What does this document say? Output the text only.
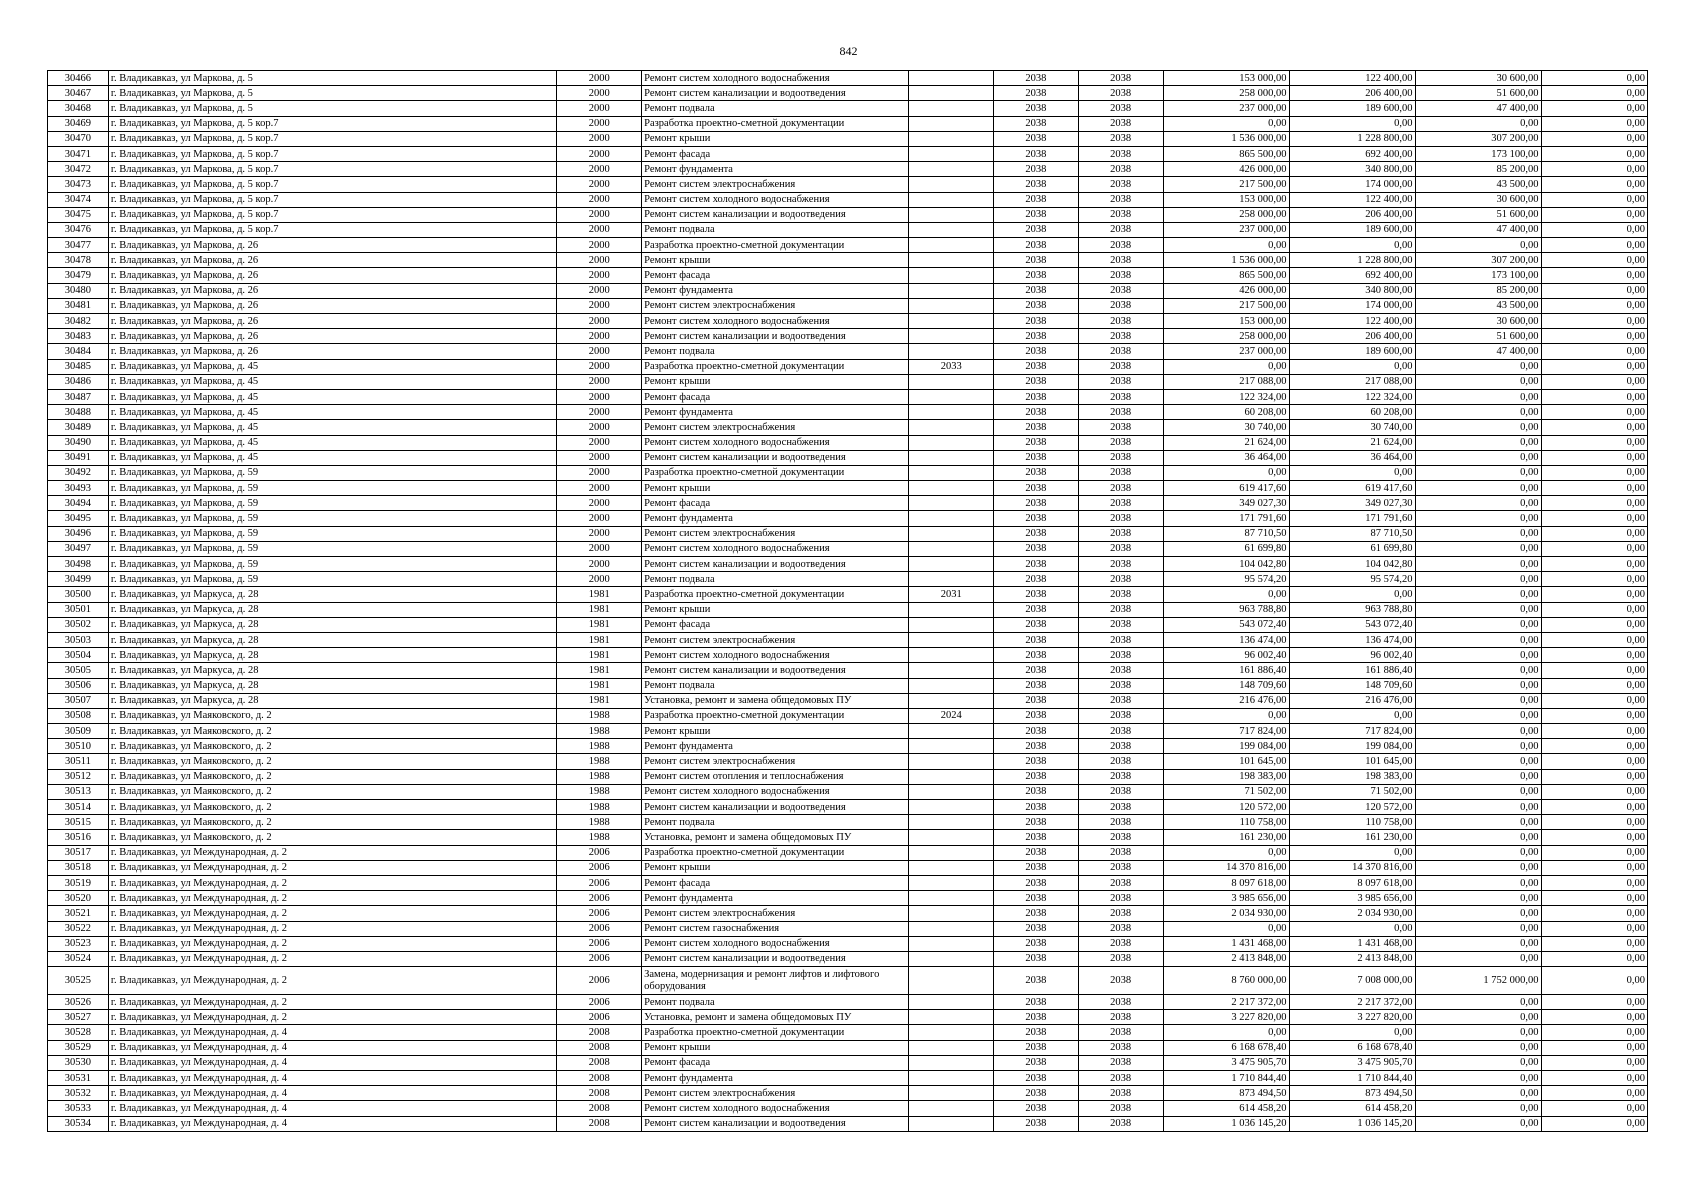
842
30466	г. Владикавказ, ул Маркова, д. 5	2000	Ремонт систем холодного водоснабжения		2038	2038	153 000,00	122 400,00	30 600,00	0,00
30467	г. Владикавказ, ул Маркова, д. 5	2000	Ремонт систем канализации и водоотведения		2038	2038	258 000,00	206 400,00	51 600,00	0,00
30468	г. Владикавказ, ул Маркова, д. 5	2000	Ремонт подвала		2038	2038	237 000,00	189 600,00	47 400,00	0,00
30469	г. Владикавказ, ул Маркова, д. 5 кор.7	2000	Разработка проектно-сметной документации		2038	2038	0,00	0,00	0,00	0,00
30470	г. Владикавказ, ул Маркова, д. 5 кор.7	2000	Ремонт крыши		2038	2038	1 536 000,00	1 228 800,00	307 200,00	0,00
30471	г. Владикавказ, ул Маркова, д. 5 кор.7	2000	Ремонт фасада		2038	2038	865 500,00	692 400,00	173 100,00	0,00
30472	г. Владикавказ, ул Маркова, д. 5 кор.7	2000	Ремонт фундамента		2038	2038	426 000,00	340 800,00	85 200,00	0,00
30473	г. Владикавказ, ул Маркова, д. 5 кор.7	2000	Ремонт систем электроснабжения		2038	2038	217 500,00	174 000,00	43 500,00	0,00
30474	г. Владикавказ, ул Маркова, д. 5 кор.7	2000	Ремонт систем холодного водоснабжения		2038	2038	153 000,00	122 400,00	30 600,00	0,00
30475	г. Владикавказ, ул Маркова, д. 5 кор.7	2000	Ремонт систем канализации и водоотведения		2038	2038	258 000,00	206 400,00	51 600,00	0,00
30476	г. Владикавказ, ул Маркова, д. 5 кор.7	2000	Ремонт подвала		2038	2038	237 000,00	189 600,00	47 400,00	0,00
30477	г. Владикавказ, ул Маркова, д. 26	2000	Разработка проектно-сметной документации		2038	2038	0,00	0,00	0,00	0,00
30478	г. Владикавказ, ул Маркова, д. 26	2000	Ремонт крыши		2038	2038	1 536 000,00	1 228 800,00	307 200,00	0,00
30479	г. Владикавказ, ул Маркова, д. 26	2000	Ремонт фасада		2038	2038	865 500,00	692 400,00	173 100,00	0,00
30480	г. Владикавказ, ул Маркова, д. 26	2000	Ремонт фундамента		2038	2038	426 000,00	340 800,00	85 200,00	0,00
30481	г. Владикавказ, ул Маркова, д. 26	2000	Ремонт систем электроснабжения		2038	2038	217 500,00	174 000,00	43 500,00	0,00
30482	г. Владикавказ, ул Маркова, д. 26	2000	Ремонт систем холодного водоснабжения		2038	2038	153 000,00	122 400,00	30 600,00	0,00
30483	г. Владикавказ, ул Маркова, д. 26	2000	Ремонт систем канализации и водоотведения		2038	2038	258 000,00	206 400,00	51 600,00	0,00
30484	г. Владикавказ, ул Маркова, д. 26	2000	Ремонт подвала		2038	2038	237 000,00	189 600,00	47 400,00	0,00
30485	г. Владикавказ, ул Маркова, д. 45	2000	Разработка проектно-сметной документации	2033	2038	2038	0,00	0,00	0,00	0,00
30486	г. Владикавказ, ул Маркова, д. 45	2000	Ремонт крыши		2038	2038	217 088,00	217 088,00	0,00	0,00
30487	г. Владикавказ, ул Маркова, д. 45	2000	Ремонт фасада		2038	2038	122 324,00	122 324,00	0,00	0,00
30488	г. Владикавказ, ул Маркова, д. 45	2000	Ремонт фундамента		2038	2038	60 208,00	60 208,00	0,00	0,00
30489	г. Владикавказ, ул Маркова, д. 45	2000	Ремонт систем электроснабжения		2038	2038	30 740,00	30 740,00	0,00	0,00
30490	г. Владикавказ, ул Маркова, д. 45	2000	Ремонт систем холодного водоснабжения		2038	2038	21 624,00	21 624,00	0,00	0,00
30491	г. Владикавказ, ул Маркова, д. 45	2000	Ремонт систем канализации и водоотведения		2038	2038	36 464,00	36 464,00	0,00	0,00
30492	г. Владикавказ, ул Маркова, д. 59	2000	Разработка проектно-сметной документации		2038	2038	0,00	0,00	0,00	0,00
30493	г. Владикавказ, ул Маркова, д. 59	2000	Ремонт крыши		2038	2038	619 417,60	619 417,60	0,00	0,00
30494	г. Владикавказ, ул Маркова, д. 59	2000	Ремонт фасада		2038	2038	349 027,30	349 027,30	0,00	0,00
30495	г. Владикавказ, ул Маркова, д. 59	2000	Ремонт фундамента		2038	2038	171 791,60	171 791,60	0,00	0,00
30496	г. Владикавказ, ул Маркова, д. 59	2000	Ремонт систем электроснабжения		2038	2038	87 710,50	87 710,50	0,00	0,00
30497	г. Владикавказ, ул Маркова, д. 59	2000	Ремонт систем холодного водоснабжения		2038	2038	61 699,80	61 699,80	0,00	0,00
30498	г. Владикавказ, ул Маркова, д. 59	2000	Ремонт систем канализации и водоотведения		2038	2038	104 042,80	104 042,80	0,00	0,00
30499	г. Владикавказ, ул Маркова, д. 59	2000	Ремонт подвала		2038	2038	95 574,20	95 574,20	0,00	0,00
30500	г. Владикавказ, ул Маркуса, д. 28	1981	Разработка проектно-сметной документации	2031	2038	2038	0,00	0,00	0,00	0,00
30501	г. Владикавказ, ул Маркуса, д. 28	1981	Ремонт крыши		2038	2038	963 788,80	963 788,80	0,00	0,00
30502	г. Владикавказ, ул Маркуса, д. 28	1981	Ремонт фасада		2038	2038	543 072,40	543 072,40	0,00	0,00
30503	г. Владикавказ, ул Маркуса, д. 28	1981	Ремонт систем электроснабжения		2038	2038	136 474,00	136 474,00	0,00	0,00
30504	г. Владикавказ, ул Маркуса, д. 28	1981	Ремонт систем холодного водоснабжения		2038	2038	96 002,40	96 002,40	0,00	0,00
30505	г. Владикавказ, ул Маркуса, д. 28	1981	Ремонт систем канализации и водоотведения		2038	2038	161 886,40	161 886,40	0,00	0,00
30506	г. Владикавказ, ул Маркуса, д. 28	1981	Ремонт подвала		2038	2038	148 709,60	148 709,60	0,00	0,00
30507	г. Владикавказ, ул Маркуса, д. 28	1981	Установка, ремонт и замена общедомовых ПУ		2038	2038	216 476,00	216 476,00	0,00	0,00
30508	г. Владикавказ, ул Маяковского, д. 2	1988	Разработка проектно-сметной документации	2024	2038	2038	0,00	0,00	0,00	0,00
30509	г. Владикавказ, ул Маяковского, д. 2	1988	Ремонт крыши		2038	2038	717 824,00	717 824,00	0,00	0,00
30510	г. Владикавказ, ул Маяковского, д. 2	1988	Ремонт фундамента		2038	2038	199 084,00	199 084,00	0,00	0,00
30511	г. Владикавказ, ул Маяковского, д. 2	1988	Ремонт систем электроснабжения		2038	2038	101 645,00	101 645,00	0,00	0,00
30512	г. Владикавказ, ул Маяковского, д. 2	1988	Ремонт систем отопления и теплоснабжения		2038	2038	198 383,00	198 383,00	0,00	0,00
30513	г. Владикавказ, ул Маяковского, д. 2	1988	Ремонт систем холодного водоснабжения		2038	2038	71 502,00	71 502,00	0,00	0,00
30514	г. Владикавказ, ул Маяковского, д. 2	1988	Ремонт систем канализации и водоотведения		2038	2038	120 572,00	120 572,00	0,00	0,00
30515	г. Владикавказ, ул Маяковского, д. 2	1988	Ремонт подвала		2038	2038	110 758,00	110 758,00	0,00	0,00
30516	г. Владикавказ, ул Маяковского, д. 2	1988	Установка, ремонт и замена общедомовых ПУ		2038	2038	161 230,00	161 230,00	0,00	0,00
30517	г. Владикавказ, ул Международная, д. 2	2006	Разработка проектно-сметной документации		2038	2038	0,00	0,00	0,00	0,00
30518	г. Владикавказ, ул Международная, д. 2	2006	Ремонт крыши		2038	2038	14 370 816,00	14 370 816,00	0,00	0,00
30519	г. Владикавказ, ул Международная, д. 2	2006	Ремонт фасада		2038	2038	8 097 618,00	8 097 618,00	0,00	0,00
30520	г. Владикавказ, ул Международная, д. 2	2006	Ремонт фундамента		2038	2038	3 985 656,00	3 985 656,00	0,00	0,00
30521	г. Владикавказ, ул Международная, д. 2	2006	Ремонт систем электроснабжения		2038	2038	2 034 930,00	2 034 930,00	0,00	0,00
30522	г. Владикавказ, ул Международная, д. 2	2006	Ремонт систем газоснабжения		2038	2038	0,00	0,00	0,00	0,00
30523	г. Владикавказ, ул Международная, д. 2	2006	Ремонт систем холодного водоснабжения		2038	2038	1 431 468,00	1 431 468,00	0,00	0,00
30524	г. Владикавказ, ул Международная, д. 2	2006	Ремонт систем канализации и водоотведения		2038	2038	2 413 848,00	2 413 848,00	0,00	0,00
30525	г. Владикавказ, ул Международная, д. 2	2006	Замена, модернизация и ремонт лифтов и лифтового оборудования		2038	2038	8 760 000,00	7 008 000,00	1 752 000,00	0,00
30526	г. Владикавказ, ул Международная, д. 2	2006	Ремонт подвала		2038	2038	2 217 372,00	2 217 372,00	0,00	0,00
30527	г. Владикавказ, ул Международная, д. 2	2006	Установка, ремонт и замена общедомовых ПУ		2038	2038	3 227 820,00	3 227 820,00	0,00	0,00
30528	г. Владикавказ, ул Международная, д. 4	2008	Разработка проектно-сметной документации		2038	2038	0,00	0,00	0,00	0,00
30529	г. Владикавказ, ул Международная, д. 4	2008	Ремонт крыши		2038	2038	6 168 678,40	6 168 678,40	0,00	0,00
30530	г. Владикавказ, ул Международная, д. 4	2008	Ремонт фасада		2038	2038	3 475 905,70	3 475 905,70	0,00	0,00
30531	г. Владикавказ, ул Международная, д. 4	2008	Ремонт фундамента		2038	2038	1 710 844,40	1 710 844,40	0,00	0,00
30532	г. Владикавказ, ул Международная, д. 4	2008	Ремонт систем электроснабжения		2038	2038	873 494,50	873 494,50	0,00	0,00
30533	г. Владикавказ, ул Международная, д. 4	2008	Ремонт систем холодного водоснабжения		2038	2038	614 458,20	614 458,20	0,00	0,00
30534	г. Владикавказ, ул Международная, д. 4	2008	Ремонт систем канализации и водоотведения		2038	2038	1 036 145,20	1 036 145,20	0,00	0,00
